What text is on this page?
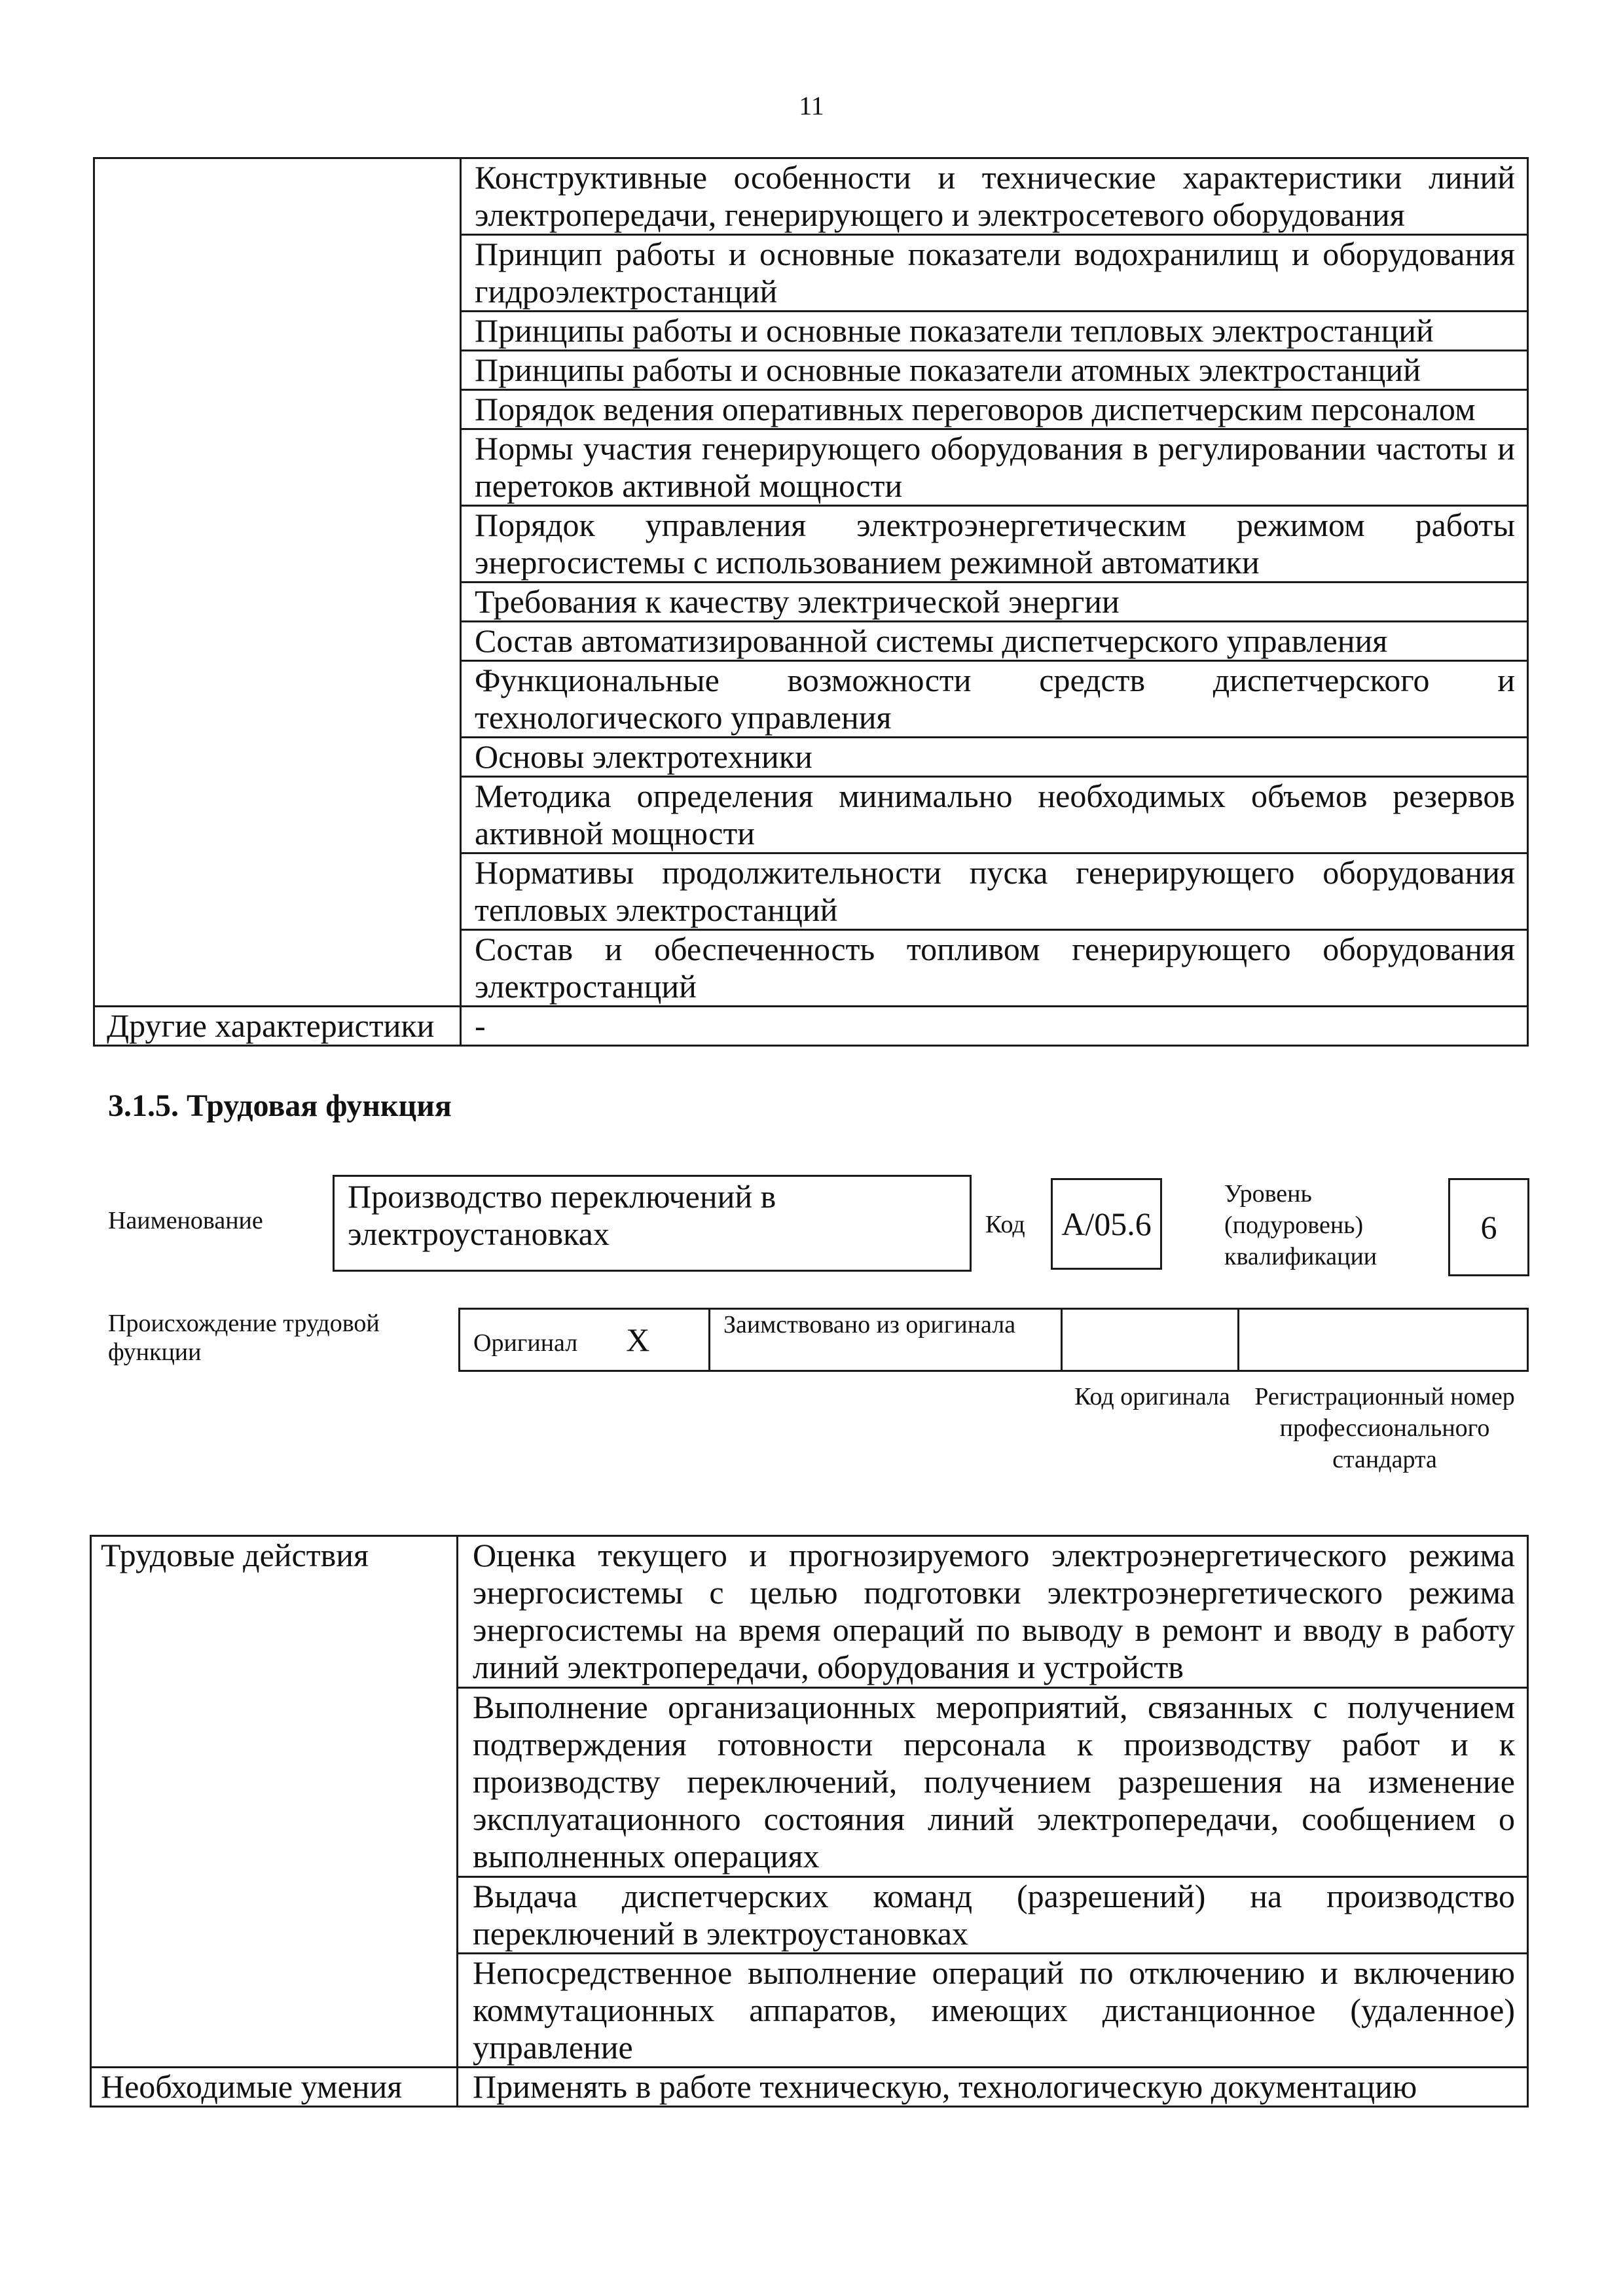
11
	Конструктивные особенности и технические характеристики линий электропередачи, генерирующего и электросетевого оборудования
	Принцип работы и основные показатели водохранилищ и оборудования гидроэлектростанций
	Принципы работы и основные показатели тепловых электростанций
	Принципы работы и основные показатели атомных электростанций
	Порядок ведения оперативных переговоров диспетчерским персоналом
	Нормы участия генерирующего оборудования в регулировании частоты и перетоков активной мощности
	Порядок управления электроэнергетическим режимом работы энергосистемы с использованием режимной автоматики
	Требования к качеству электрической энергии
	Состав автоматизированной системы диспетчерского управления
	Функциональные возможности средств диспетчерского и технологического управления
	Основы электротехники
	Методика определения минимально необходимых объемов резервов активной мощности
	Нормативы продолжительности пуска генерирующего оборудования тепловых электростанций
	Состав и обеспеченность топливом генерирующего оборудования электростанций
Другие характеристики	-
3.1.5. Трудовая функция
Наименование
Производство переключений в электроустановках	Код А/05.6
Уровень (подуровень) квалификации
6
Происхождение трудовой функции	Оригинал X	Заимствовано из оригинала

Код оригинала Регистрационный номер профессионального стандарта
Трудовые действия	Оценка текущего и прогнозируемого электроэнергетического режима энергосистемы с целью подготовки электроэнергетического режима энергосистемы на время операций по выводу в ремонт и вводу в работу линий электропередачи, оборудования и устройств
	Выполнение организационных мероприятий, связанных с получением подтверждения готовности персонала к производству работ и к производству переключений, получением разрешения на изменение эксплуатационного состояния линий электропередачи, сообщением о выполненных операциях
	Выдача диспетчерских команд (разрешений) на производство переключений в электроустановках
	Непосредственное выполнение операций по отключению и включению коммутационных аппаратов, имеющих дистанционное (удаленное) управление
Необходимые умения	Применять в работе техническую, технологическую документацию
